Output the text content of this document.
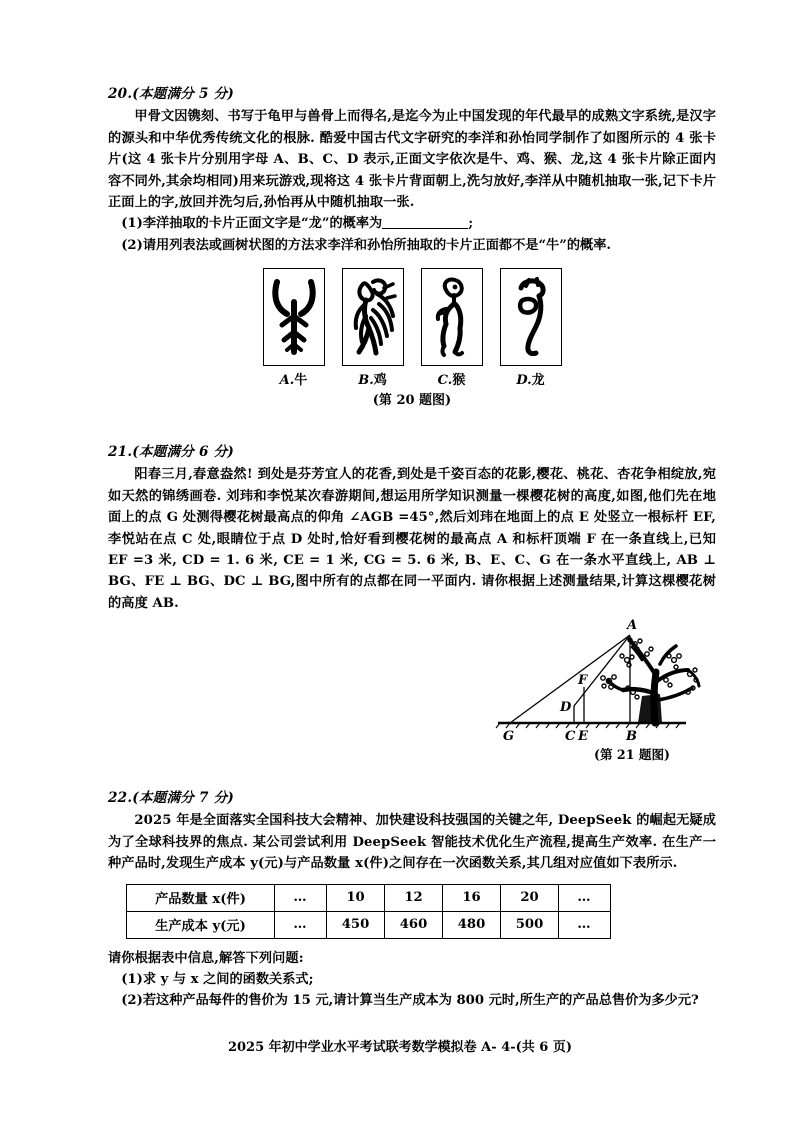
20.(本题满分 5 分)

甲骨文因镌刻、书写于龟甲与兽骨上而得名,是迄今为止中国发现的年代最早的成熟文字系统,是汉字的源头和中华优秀传统文化的根脉. 酷爱中国古代文字研究的李洋和孙怡同学制作了如图所示的 4 张卡片(这 4 张卡片分别用字母 A、B、C、D 表示,正面文字依次是牛、鸡、猴、龙,这 4 张卡片除正面内容不同外,其余均相同)用来玩游戏,现将这 4 张卡片背面朝上,洗匀放好,李洋从中随机抽取一张,记下卡片正面上的字,放回并洗匀后,孙怡再从中随机抽取一张.

(1)李洋抽取的卡片正面文字是“龙”的概率为	;

(2)请用列表法或画树状图的方法求李洋和孙怡所抽取的卡片正面都不是“牛”的概率.

A.牛	B.鸡	C.猴	D.龙
(第 20 题图)
21.(本题满分 6 分)

阳春三月,春意盎然! 到处是芬芳宜人的花香,到处是千姿百态的花影,樱花、桃花、杏花争相绽放,宛如天然的锦绣画卷. 刘玮和李悦某次春游期间,想运用所学知识测量一棵樱花树的高度,如图,他们先在地面上的点 G 处测得樱花树最高点的仰角 ∠AGB =45°,然后刘玮在地面上的点 E 处竖立一根标杆 EF,李悦站在点 C 处,眼睛位于点 D 处时,恰好看到樱花树的最高点 A 和标杆顶端 F 在一条直线上,已知 EF =3 米, CD = 1. 6 米, CE = 1 米, CG = 5. 6 米, B、E、C、G 在一条水平直线上, AB ⊥ BG、FE ⊥ BG、DC ⊥ BG,图中所有的点都在同一平面内. 请你根据上述测量结果,计算这棵樱花树的高度 AB.

A
B
C E
D
F
G
(第 21 题图)
22.(本题满分 7 分)

2025 年是全面落实全国科技大会精神、加快建设科技强国的关键之年, DeepSeek 的崛起无疑成为了全球科技界的焦点. 某公司尝试利用 DeepSeek 智能技术优化生产流程,提高生产效率. 在生产一种产品时,发现生产成本 y(元)与产品数量 x(件)之间存在一次函数关系,其几组对应值如下表所示.

产品数量 x(件)	…	10	12	16	20	…
生产成本 y(元)	…	450	460	480	500	…

请你根据表中信息,解答下列问题:

(1)求 y 与 x 之间的函数关系式;

(2)若这种产品每件的售价为 15 元,请计算当生产成本为 800 元时,所生产的产品总售价为多少元?

2025 年初中学业水平考试联考数学模拟卷 A- 4-(共 6 页)
